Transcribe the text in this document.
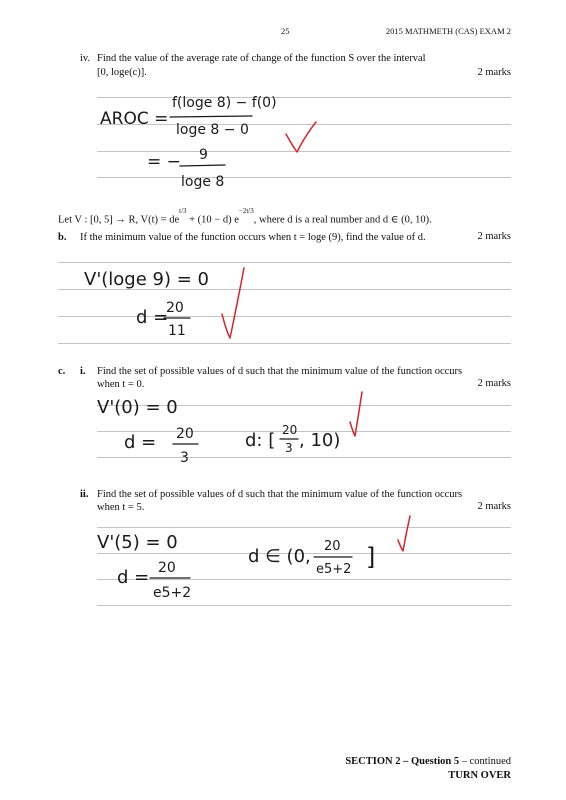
25	2015 MATHMETH (CAS) EXAM 2
iv. Find the value of the average rate of change of the function S over the interval
[0, loge(c)].	2 marks
Let V : [0, 5] → R, $V(t) = de^{t/3} + (10 - d)$ $e^{-2t/3}$, where d is a real number and d ∈ (0, 10).
b. If the minimum value of the function occurs when t = loge (9), find the value of d.	2 marks
c. i. Find the set of possible values of d such that the minimum value of the function occurs
when t = 0.	2 marks
ii. Find the set of possible values of d such that the minimum value of the function occurs
when t = 5.	2 marks
AROC =
f(loge 8) − f(0)
loge 8 − 0
= − 9
loge 8
V'(loge 9) = 0
d =
20
11
V'(0) = 0
d = 20
3
d: [ 20
3 , 10)
V'(5) = 0
d = 20
e5+2
d ∈ (0, 20
e5+2 ]
SECTION 2 – Question 5 – continued
TURN OVER
